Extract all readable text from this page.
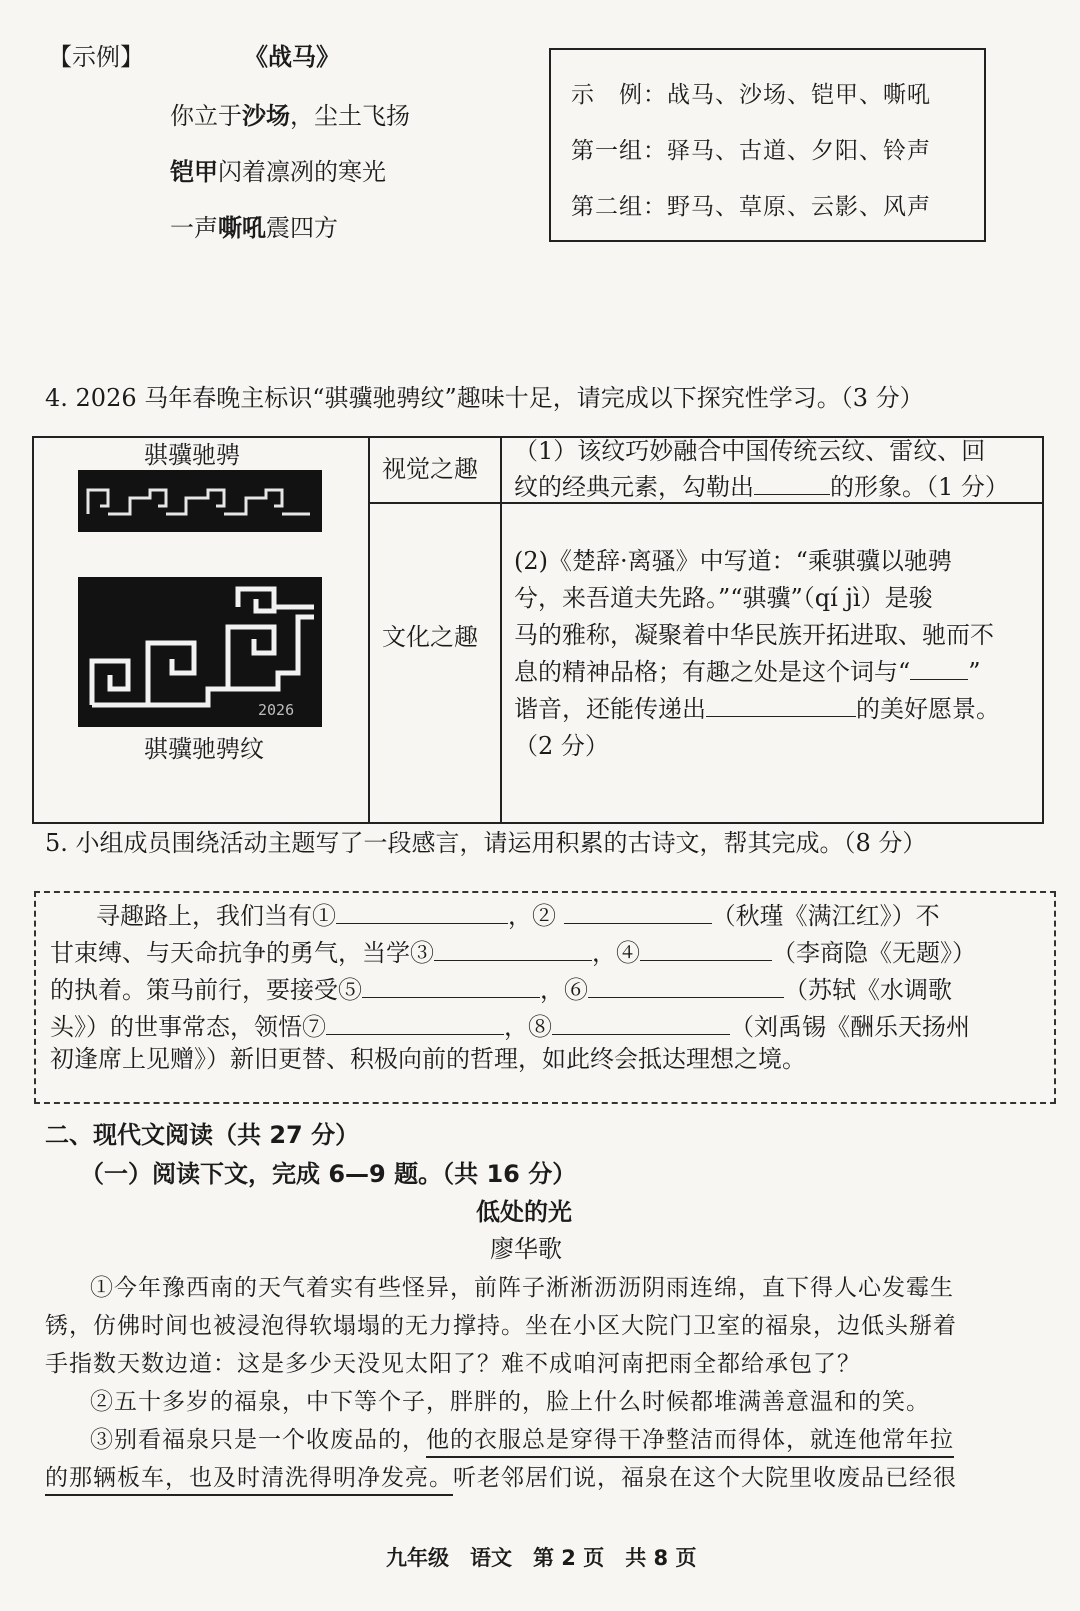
【示例】	《战马》
你立于沙场，尘土飞扬
铠甲闪着凛冽的寒光
一声嘶吼震四方
示　例：战马、沙场、铠甲、嘶吼
第一组：驿马、古道、夕阳、铃声
第二组：野马、草原、云影、风声
4. 2026 马年春晚主标识“骐骥驰骋纹”趣味十足，请完成以下探究性学习。（3 分）
骐骥驰骋
2026
骐骥驰骋纹
视觉之趣
（1）该纹巧妙融合中国传统云纹、雷纹、回
纹的经典元素，勾勒出	的形象。（1 分）
文化之趣
(2)《楚辞·离骚》中写道：“乘骐骥以驰骋
兮，来吾道夫先路。”“骐骥”（qí jì）是骏
马的雅称，凝聚着中华民族开拓进取、驰而不
息的精神品格；有趣之处是这个词与“ ”
谐音，还能传递出	的美好愿景。
（2 分）
5. 小组成员围绕活动主题写了一段感言，请运用积累的古诗文，帮其完成。（8 分）
寻趣路上，我们当有①	，②	（秋瑾《满江红》）不
甘束缚、与天命抗争的勇气，当学③	，④	（李商隐《无题》）
的执着。策马前行，要接受⑤	，⑥	（苏轼《水调歌
头》）的世事常态，领悟⑦	，⑧	（刘禹锡《酬乐天扬州
初逢席上见赠》）新旧更替、积极向前的哲理，如此终会抵达理想之境。
二、现代文阅读（共 27 分）
（一）阅读下文，完成 6—9 题。（共 16 分）
低处的光
廖华歌
①今年豫西南的天气着实有些怪异，前阵子淅淅沥沥阴雨连绵，直下得人心发霉生
锈，仿佛时间也被浸泡得软塌塌的无力撑持。坐在小区大院门卫室的福泉，边低头掰着
手指数天数边道：这是多少天没见太阳了？难不成咱河南把雨全都给承包了？
②五十多岁的福泉，中下等个子，胖胖的，脸上什么时候都堆满善意温和的笑。
③别看福泉只是一个收废品的，他的衣服总是穿得干净整洁而得体，就连他常年拉
的那辆板车，也及时清洗得明净发亮。听老邻居们说，福泉在这个大院里收废品已经很
九年级　语文　第 2 页　共 8 页
